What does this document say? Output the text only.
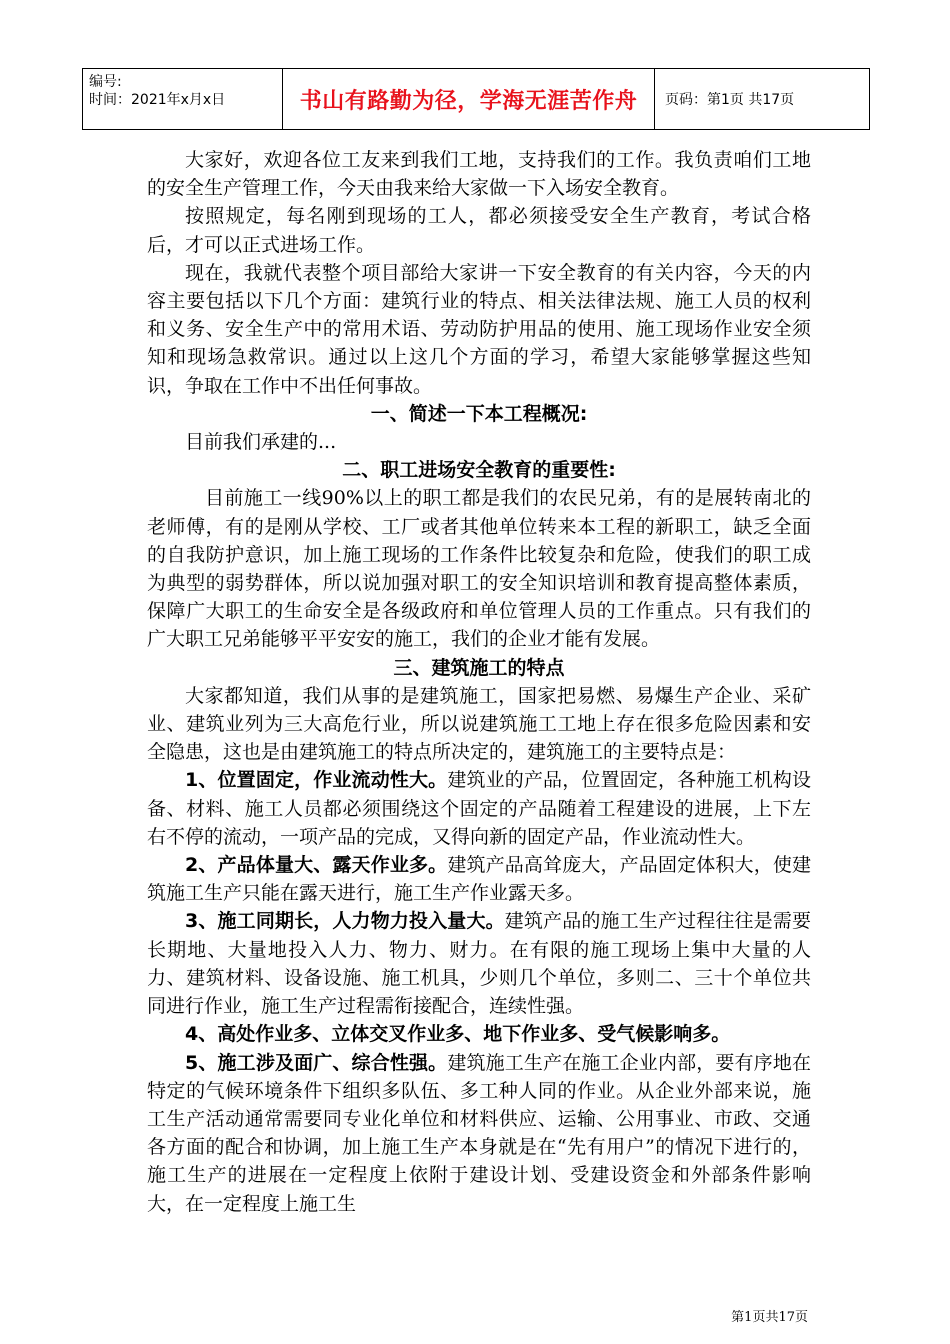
编号:
时间：2021年x月x日	书山有路勤为径，学海无涯苦作舟 页码：第1页 共17页

大家好，欢迎各位工友来到我们工地，支持我们的工作。我负责咱们工地的安全生产管理工作，今天由我来给大家做一下入场安全教育。

按照规定，每名刚到现场的工人，都必须接受安全生产教育，考试合格后，才可以正式进场工作。

现在，我就代表整个项目部给大家讲一下安全教育的有关内容，今天的内容主要包括以下几个方面：建筑行业的特点、相关法律法规、施工人员的权利和义务、安全生产中的常用术语、劳动防护用品的使用、施工现场作业安全须知和现场急救常识。通过以上这几个方面的学习，希望大家能够掌握这些知识，争取在工作中不出任何事故。

一、简述一下本工程概况:

目前我们承建的...

二、职工进场安全教育的重要性:

目前施工一线90%以上的职工都是我们的农民兄弟，有的是展转南北的老师傅，有的是刚从学校、工厂或者其他单位转来本工程的新职工，缺乏全面的自我防护意识，加上施工现场的工作条件比较复杂和危险，使我们的职工成为典型的弱势群体，所以说加强对职工的安全知识培训和教育提高整体素质，保障广大职工的生命安全是各级政府和单位管理人员的工作重点。只有我们的广大职工兄弟能够平平安安的施工，我们的企业才能有发展。

三、建筑施工的特点

大家都知道，我们从事的是建筑施工，国家把易燃、易爆生产企业、采矿业、建筑业列为三大高危行业，所以说建筑施工工地上存在很多危险因素和安全隐患，这也是由建筑施工的特点所决定的，建筑施工的主要特点是：

1、位置固定，作业流动性大。建筑业的产品，位置固定，各种施工机构设备、材料、施工人员都必须围绕这个固定的产品随着工程建设的进展，上下左右不停的流动，一项产品的完成，又得向新的固定产品，作业流动性大。

2、产品体量大、露天作业多。建筑产品高耸庞大，产品固定体积大，使建筑施工生产只能在露天进行，施工生产作业露天多。

3、施工同期长，人力物力投入量大。建筑产品的施工生产过程往往是需要长期地、大量地投入人力、物力、财力。在有限的施工现场上集中大量的人力、建筑材料、设备设施、施工机具，少则几个单位，多则二、三十个单位共同进行作业，施工生产过程需衔接配合，连续性强。

4、高处作业多、立体交叉作业多、地下作业多、受气候影响多。

5、施工涉及面广、综合性强。建筑施工生产在施工企业内部，要有序地在特定的气候环境条件下组织多队伍、多工种人同的作业。从企业外部来说，施工生产活动通常需要同专业化单位和材料供应、运输、公用事业、市政、交通各方面的配合和协调，加上施工生产本身就是在“先有用户”的情况下进行的，施工生产的进展在一定程度上依附于建设计划、受建设资金和外部条件影响大，在一定程度上施工生

第1页共17页
